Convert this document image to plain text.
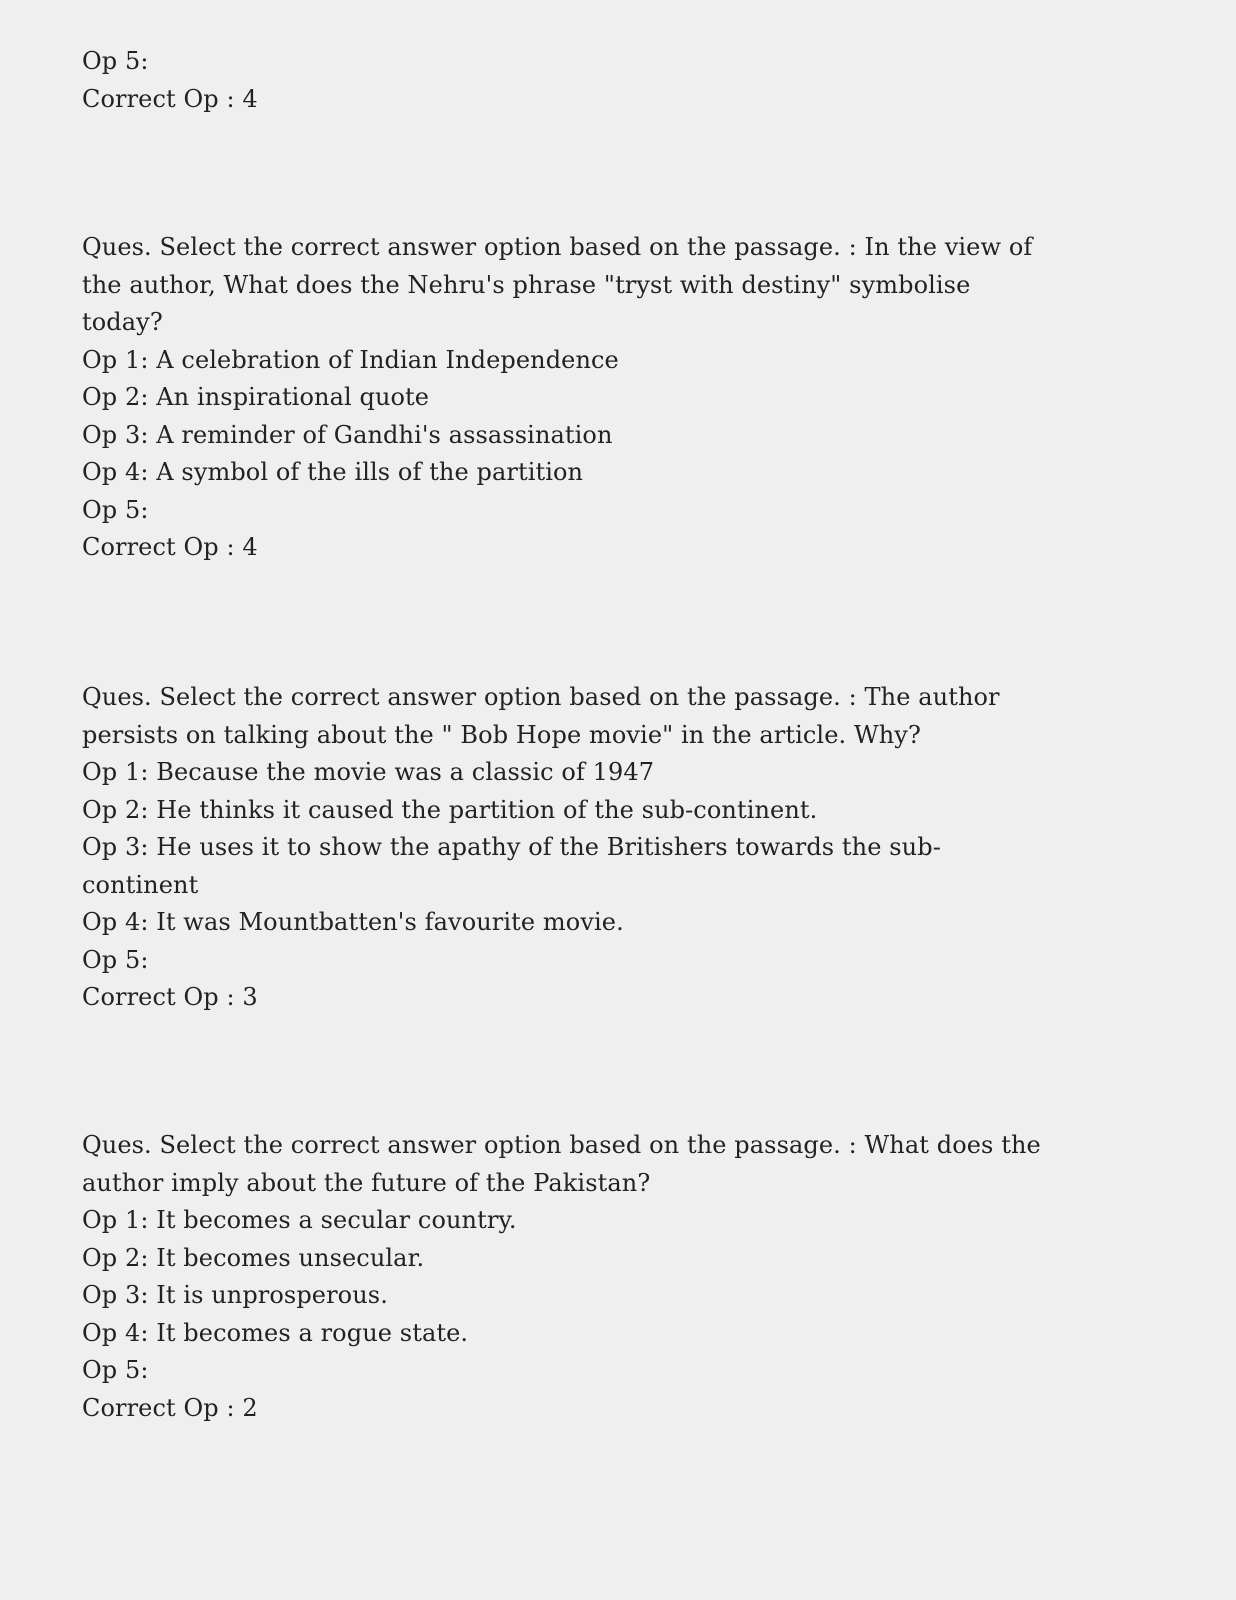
Op 5:
Correct Op : 4
Ques. Select the correct answer option based on the passage. : In the view of
the author, What does the Nehru's phrase "tryst with destiny" symbolise
today?
Op 1: A celebration of Indian Independence
Op 2: An inspirational quote
Op 3: A reminder of Gandhi's assassination
Op 4: A symbol of the ills of the partition
Op 5:
Correct Op : 4
Ques. Select the correct answer option based on the passage. : The author
persists on talking about the " Bob Hope movie" in the article. Why?
Op 1: Because the movie was a classic of 1947
Op 2: He thinks it caused the partition of the sub-continent.
Op 3: He uses it to show the apathy of the Britishers towards the sub-
continent
Op 4: It was Mountbatten's favourite movie.
Op 5:
Correct Op : 3
Ques. Select the correct answer option based on the passage. : What does the
author imply about the future of the Pakistan?
Op 1: It becomes a secular country.
Op 2: It becomes unsecular.
Op 3: It is unprosperous.
Op 4: It becomes a rogue state.
Op 5:
Correct Op : 2
